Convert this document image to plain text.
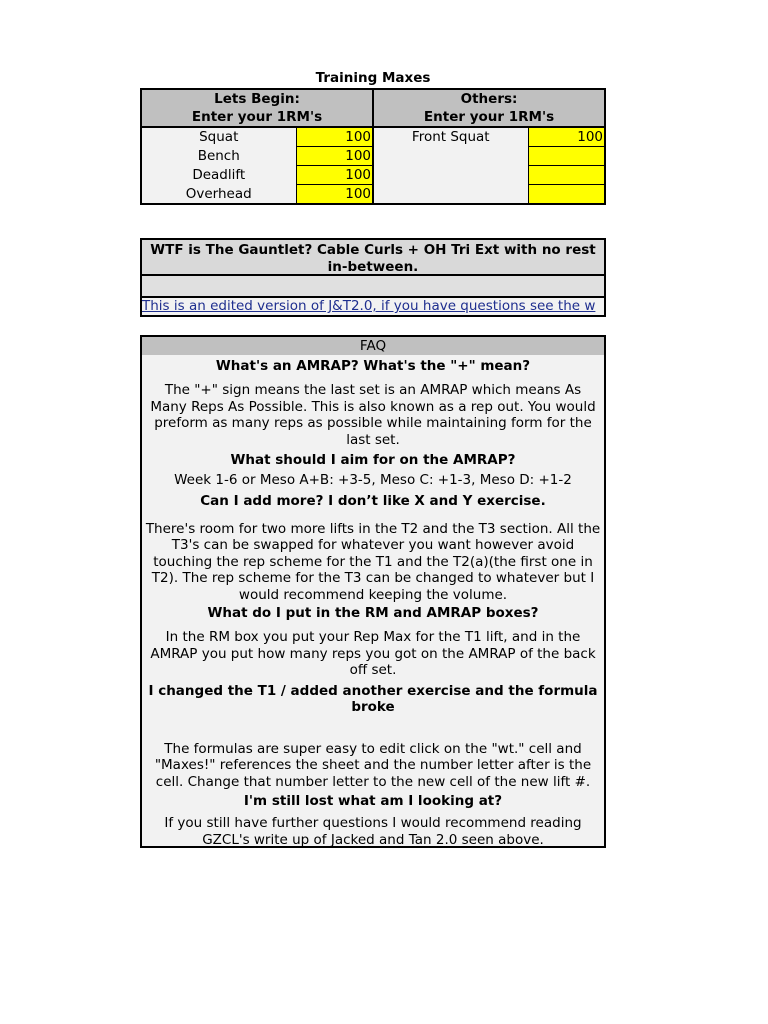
Training Maxes
Lets Begin:		Others:	
Enter your 1RM's		Enter your 1RM's	
Squat	100	Front Squat	100
Bench	100		
Deadlift	100		
Overhead	100		
WTF is The Gauntlet? Cable Curls + OH Tri Ext with no rest in-between.
This is an edited version of J&T2.0, if you have questions see the w
FAQ
What's an AMRAP? What's the "+" mean?
The "+" sign means the last set is an AMRAP which means As Many Reps As Possible. This is also known as a rep out. You would preform as many reps as possible while maintaining form for the last set.
What should I aim for on the AMRAP?
Week 1-6 or Meso A+B: +3-5, Meso C: +1-3, Meso D: +1-2
Can I add more? I don’t like X and Y exercise.
There's room for two more lifts in the T2 and the T3 section. All the T3's can be swapped for whatever you want however avoid touching the rep scheme for the T1 and the T2(a)(the first one in T2). The rep scheme for the T3 can be changed to whatever but I would recommend keeping the volume.
What do I put in the RM and AMRAP boxes?
In the RM box you put your Rep Max for the T1 lift, and in the AMRAP you put how many reps you got on the AMRAP of the back off set.
I changed the T1 / added another exercise and the formula broke
The formulas are super easy to edit click on the "wt." cell and "Maxes!" references the sheet and the number letter after is the cell. Change that number letter to the new cell of the new lift #.
I'm still lost what am I looking at?
If you still have further questions I would recommend reading GZCL's write up of Jacked and Tan 2.0 seen above.
